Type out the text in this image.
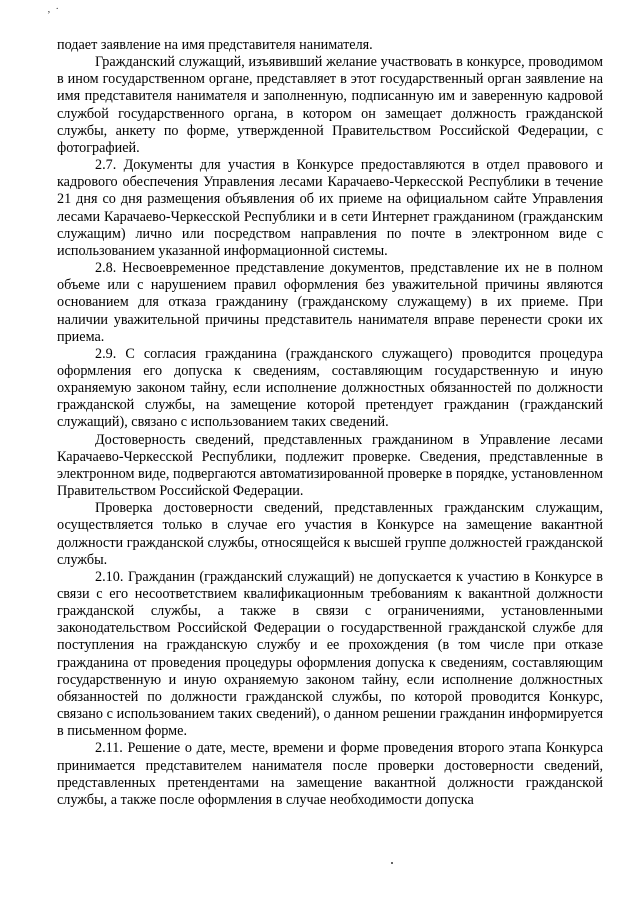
‚ ·

подает заявление на имя представителя нанимателя.

Гражданский служащий, изъявивший желание участвовать в конкурсе, проводимом в ином государственном органе, представляет в этот государственный орган заявление на имя представителя нанимателя и заполненную, подписанную им и заверенную кадровой службой государственного органа, в котором он замещает должность гражданской службы, анкету по форме, утвержденной Правительством Российской Федерации, с фотографией.

2.7. Документы для участия в Конкурсе предоставляются в отдел правового и кадрового обеспечения Управления лесами Карачаево-Черкесской Республики в течение 21 дня со дня размещения объявления об их приеме на официальном сайте Управления лесами Карачаево-Черкесской Республики и в сети Интернет гражданином (гражданским служащим) лично или посредством направления по почте в электронном виде с использованием указанной информационной системы.

2.8. Несвоевременное представление документов, представление их не в полном объеме или с нарушением правил оформления без уважительной причины являются основанием для отказа гражданину (гражданскому служащему) в их приеме. При наличии уважительной причины представитель нанимателя вправе перенести сроки их приема.

2.9. С согласия гражданина (гражданского служащего) проводится процедура оформления его допуска к сведениям, составляющим государственную и иную охраняемую законом тайну, если исполнение должностных обязанностей по должности гражданской службы, на замещение которой претендует гражданин (гражданский служащий), связано с использованием таких сведений.

Достоверность сведений, представленных гражданином в Управление лесами Карачаево-Черкесской Республики, подлежит проверке. Сведения, представленные в электронном виде, подвергаются автоматизированной проверке в порядке, установленном Правительством Российской Федерации.

Проверка достоверности сведений, представленных гражданским служащим, осуществляется только в случае его участия в Конкурсе на замещение вакантной должности гражданской службы, относящейся к высшей группе должностей гражданской службы.

2.10. Гражданин (гражданский служащий) не допускается к участию в Конкурсе в связи с его несоответствием квалификационным требованиям к вакантной должности гражданской службы, а также в связи с ограничениями, установленными законодательством Российской Федерации о государственной гражданской службе для поступления на гражданскую службу и ее прохождения (в том числе при отказе гражданина от проведения процедуры оформления допуска к сведениям, составляющим государственную и иную охраняемую законом тайну, если исполнение должностных обязанностей по должности гражданской службы, по которой проводится Конкурс, связано с использованием таких сведений), о данном решении гражданин информируется в письменном форме.

2.11. Решение о дате, месте, времени и форме проведения второго этапа Конкурса принимается представителем нанимателя после проверки достоверности сведений, представленных претендентами на замещение вакантной должности гражданской службы, а также после оформления в случае необходимости допуска
